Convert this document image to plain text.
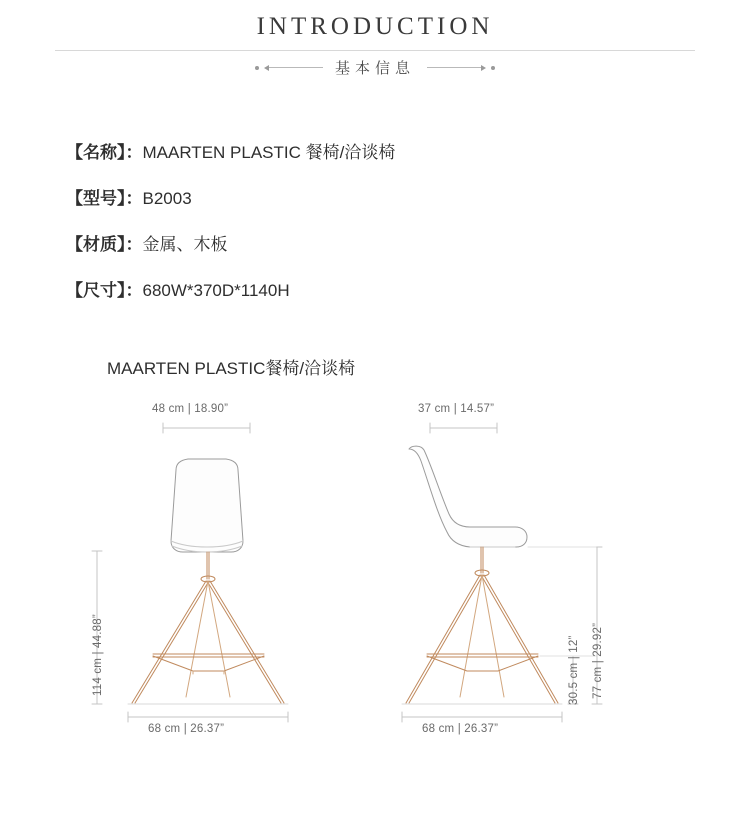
INTRODUCTION
基本信息
【名称】：MAARTEN PLASTIC 餐椅/洽谈椅
【型号】：B2003
【材质】：金属、木板
【尺寸】：680W*370D*1140H
MAARTEN PLASTIC餐椅/洽谈椅
48 cm | 18.90”
114 cm | 44.88”
68 cm | 26.37”
37 cm | 14.57”
77 cm | 29.92”
30.5 cm | 12”
68 cm | 26.37”
